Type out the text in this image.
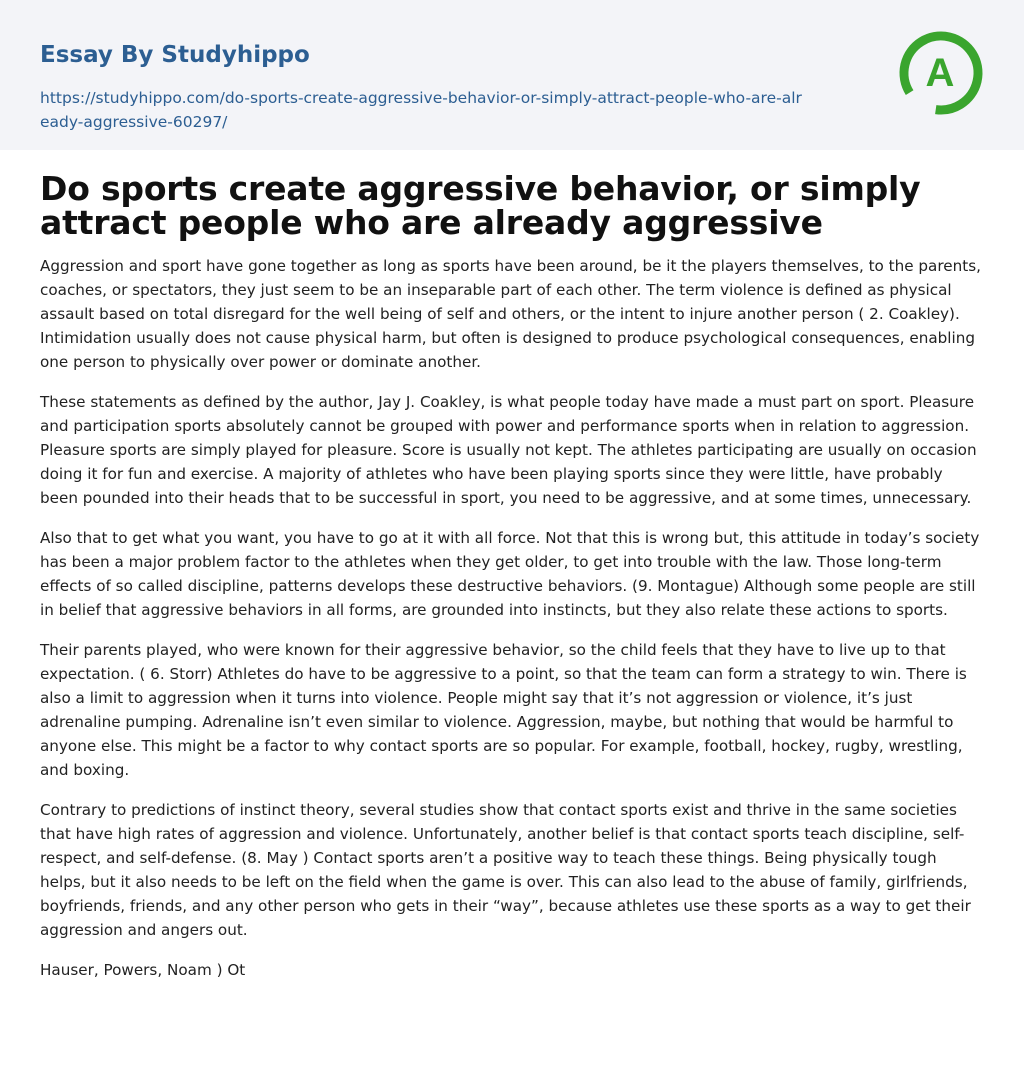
Essay By Studyhippo
https://studyhippo.com/do-sports-create-aggressive-behavior-or-simply-attract-people-who-are-already-aggressive-60297/
A
Do sports create aggressive behavior, or simply attract people who are already aggressive

Aggression and sport have gone together as long as sports have been around, be it the players themselves, to the parents, coaches, or spectators, they just seem to be an inseparable part of each other. The term violence is defined as physical assault based on total disregard for the well being of self and others, or the intent to injure another person ( 2. Coakley). Intimidation usually does not cause physical harm, but often is designed to produce psychological consequences, enabling one person to physically over power or dominate another.

These statements as defined by the author, Jay J. Coakley, is what people today have made a must part on sport. Pleasure and participation sports absolutely cannot be grouped with power and performance sports when in relation to aggression. Pleasure sports are simply played for pleasure. Score is usually not kept. The athletes participating are usually on occasion doing it for fun and exercise. A majority of athletes who have been playing sports since they were little, have probably been pounded into their heads that to be successful in sport, you need to be aggressive, and at some times, unnecessary.

Also that to get what you want, you have to go at it with all force. Not that this is wrong but, this attitude in today’s society has been a major problem factor to the athletes when they get older, to get into trouble with the law. Those long-term effects of so called discipline, patterns develops these destructive behaviors. (9. Montague) Although some people are still in belief that aggressive behaviors in all forms, are grounded into instincts, but they also relate these actions to sports.

Their parents played, who were known for their aggressive behavior, so the child feels that they have to live up to that expectation. ( 6. Storr) Athletes do have to be aggressive to a point, so that the team can form a strategy to win. There is also a limit to aggression when it turns into violence. People might say that it’s not aggression or violence, it’s just adrenaline pumping. Adrenaline isn’t even similar to violence. Aggression, maybe, but nothing that would be harmful to anyone else. This might be a factor to why contact sports are so popular. For example, football, hockey, rugby, wrestling, and boxing.

Contrary to predictions of instinct theory, several studies show that contact sports exist and thrive in the same societies that have high rates of aggression and violence. Unfortunately, another belief is that contact sports teach discipline, self-respect, and self-defense. (8. May ) Contact sports aren’t a positive way to teach these things. Being physically tough helps, but it also needs to be left on the field when the game is over. This can also lead to the abuse of family, girlfriends, boyfriends, friends, and any other person who gets in their “way”, because athletes use these sports as a way to get their aggression and angers out.

Hauser, Powers, Noam ) Ot
